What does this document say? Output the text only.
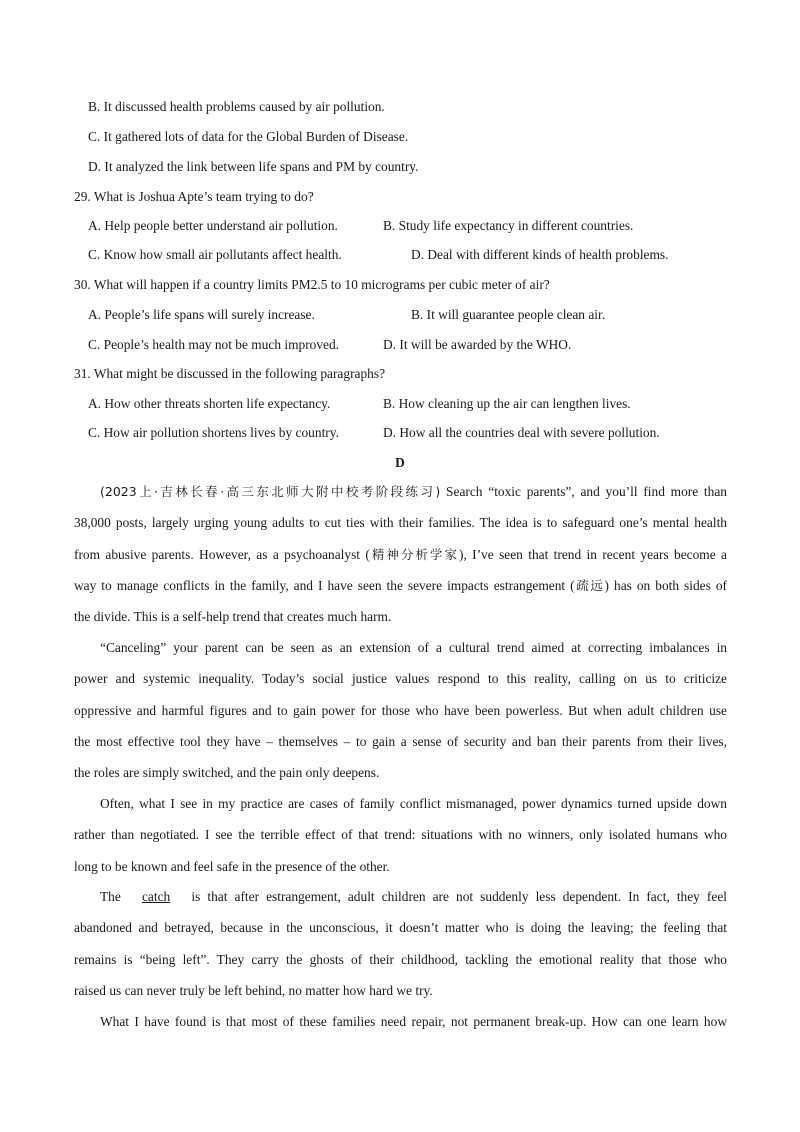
B. It discussed health problems caused by air pollution.
C. It gathered lots of data for the Global Burden of Disease.
D. It analyzed the link between life spans and PM by country.
29. What is Joshua Apte’s team trying to do?
A. Help people better understand air pollution.	B. Study life expectancy in different countries.
C. Know how small air pollutants affect health.	D. Deal with different kinds of health problems.
30. What will happen if a country limits PM2.5 to 10 micrograms per cubic meter of air?
A. People’s life spans will surely increase.	B. It will guarantee people clean air.
C. People’s health may not be much improved.	D. It will be awarded by the WHO.
31. What might be discussed in the following paragraphs?
A. How other threats shorten life expectancy.	B. How cleaning up the air can lengthen lives.
C. How air pollution shortens lives by country.	D. How all the countries deal with severe pollution.
D
(2023上·吉林长春·高三东北师大附中校考阶段练习) Search “toxic parents”, and you’ll find more than
38,000 posts, largely urging young adults to cut ties with their families. The idea is to safeguard one’s mental health
from abusive parents. However, as a psychoanalyst (精神分析学家), I’ve seen that trend in recent years become a
way to manage conflicts in the family, and I have seen the severe impacts estrangement (疏远) has on both sides of
the divide. This is a self-help trend that creates much harm.
“Canceling” your parent can be seen as an extension of a cultural trend aimed at correcting imbalances in
power and systemic inequality. Today’s social justice values respond to this reality, calling on us to criticize
oppressive and harmful figures and to gain power for those who have been powerless. But when adult children use
the most effective tool they have – themselves – to gain a sense of security and ban their parents from their lives,
the roles are simply switched, and the pain only deepens.
Often, what I see in my practice are cases of family conflict mismanaged, power dynamics turned upside down
rather than negotiated. I see the terrible effect of that trend: situations with no winners, only isolated humans who
long to be known and feel safe in the presence of the other.
The catch is that after estrangement, adult children are not suddenly less dependent. In fact, they feel
abandoned and betrayed, because in the unconscious, it doesn’t matter who is doing the leaving; the feeling that
remains is “being left”. They carry the ghosts of their childhood, tackling the emotional reality that those who
raised us can never truly be left behind, no matter how hard we try.
What I have found is that most of these families need repair, not permanent break-up. How can one learn how
